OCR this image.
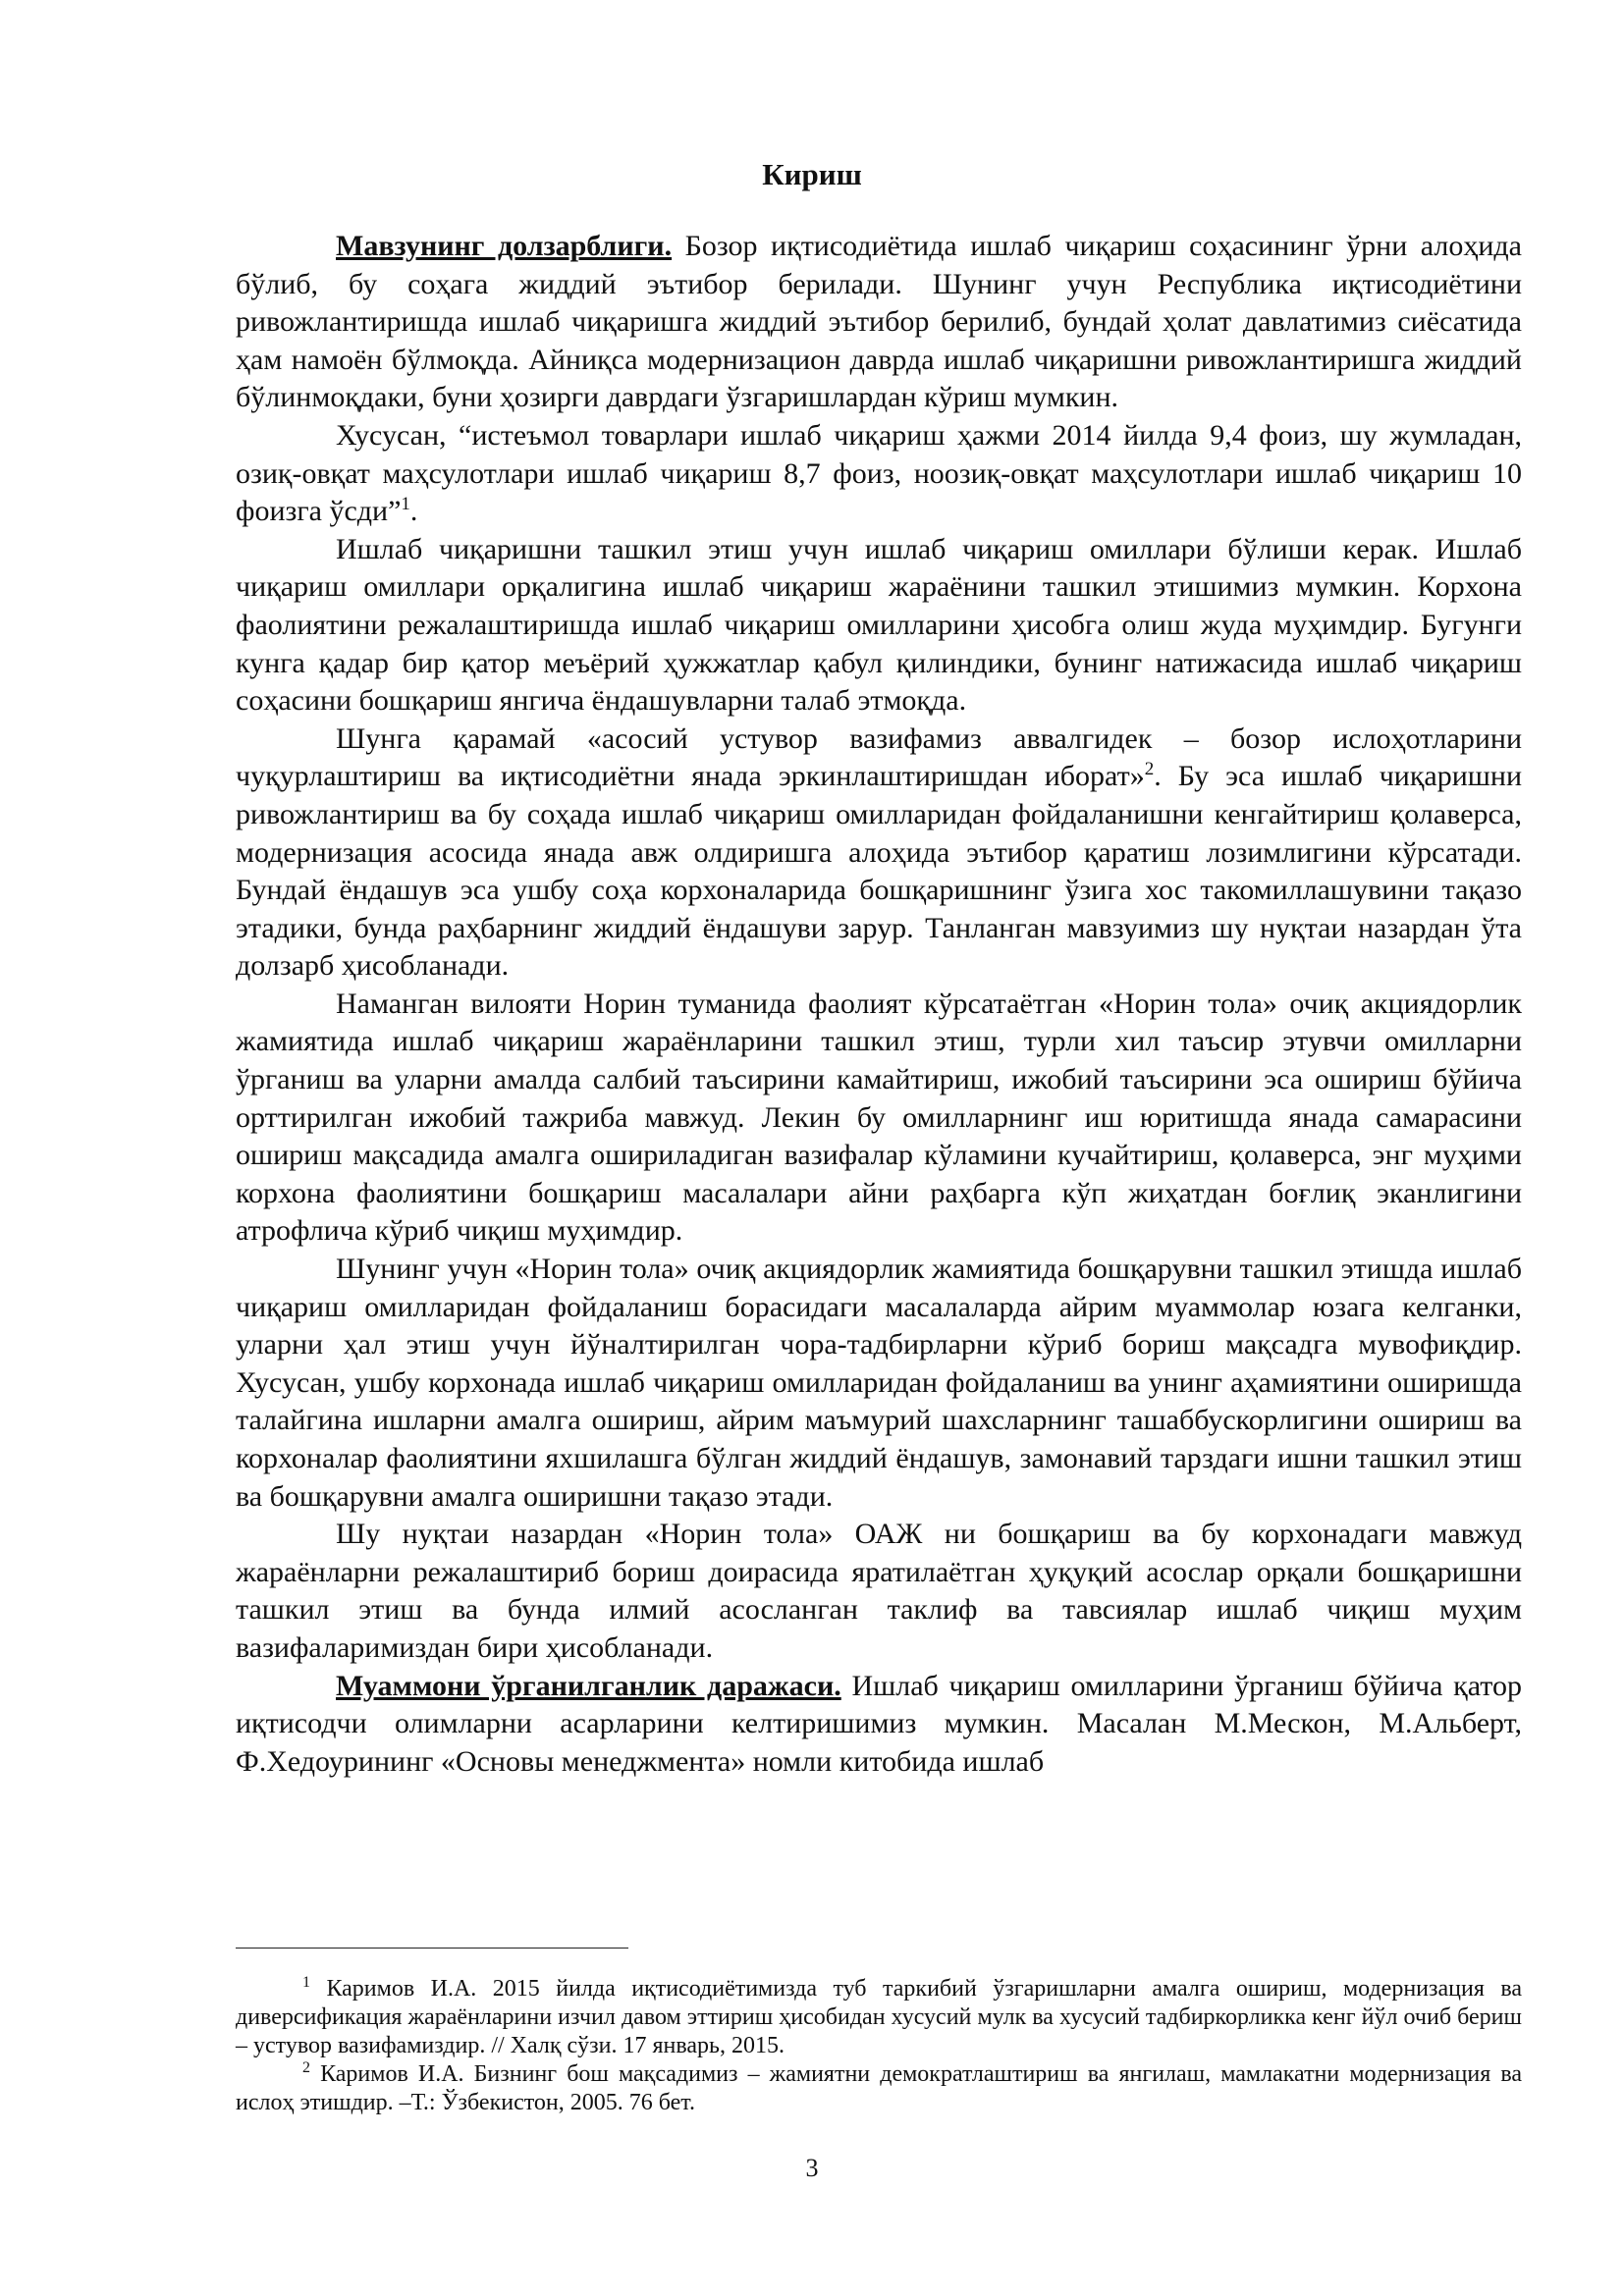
Кириш

Мавзунинг долзарблиги. Бозор иқтисодиётида ишлаб чиқариш соҳасининг ўрни алоҳида бўлиб, бу соҳага жиддий эътибор берилади. Шунинг учун Республика иқтисодиётини ривожлантиришда ишлаб чиқаришга жиддий эътибор берилиб, бундай ҳолат давлатимиз сиёсатида ҳам намоён бўлмоқда. Айниқса модернизацион даврда ишлаб чиқаришни ривожлантиришга жиддий бўлинмоқдаки, буни ҳозирги даврдаги ўзгаришлардан кўриш мумкин.

Хусусан, “истеъмол товарлари ишлаб чиқариш ҳажми 2014 йилда 9,4 фоиз, шу жумладан, озиқ-овқат маҳсулотлари ишлаб чиқариш 8,7 фоиз, ноозиқ-овқат маҳсулотлари ишлаб чиқариш 10 фоизга ўсди”$^1$.

Ишлаб чиқаришни ташкил этиш учун ишлаб чиқариш омиллари бўлиши керак. Ишлаб чиқариш омиллари орқалигина ишлаб чиқариш жараёнини ташкил этишимиз мумкин. Корхона фаолиятини режалаштиришда ишлаб чиқариш омилларини ҳисобга олиш жуда муҳимдир. Бугунги кунга қадар бир қатор меъёрий ҳужжатлар қабул қилиндики, бунинг натижасида ишлаб чиқариш соҳасини бошқариш янгича ёндашувларни талаб этмоқда.

Шунга қарамай «асосий устувор вазифамиз аввалгидек – бозор ислоҳотларини чуқурлаштириш ва иқтисодиётни янада эркинлаштиришдан иборат»$^2$. Бу эса ишлаб чиқаришни ривожлантириш ва бу соҳада ишлаб чиқариш омилларидан фойдаланишни кенгайтириш қолаверса, модернизация асосида янада авж олдиришга алоҳида эътибор қаратиш лозимлигини кўрсатади. Бундай ёндашув эса ушбу соҳа корхоналарида бошқаришнинг ўзига хос такомиллашувини тақазо этадики, бунда раҳбарнинг жиддий ёндашуви зарур. Танланган мавзуимиз шу нуқтаи назардан ўта долзарб ҳисобланади.

Наманган вилояти Норин туманида фаолият кўрсатаётган «Норин тола» очиқ акциядорлик жамиятида ишлаб чиқариш жараёнларини ташкил этиш, турли хил таъсир этувчи омилларни ўрганиш ва уларни амалда салбий таъсирини камайтириш, ижобий таъсирини эса ошириш бўйича орттирилган ижобий тажриба мавжуд. Лекин бу омилларнинг иш юритишда янада самарасини ошириш мақсадида амалга ошириладиган вазифалар кўламини кучайтириш, қолаверса, энг муҳими корхона фаолиятини бошқариш масалалари айни раҳбарга кўп жиҳатдан боғлиқ эканлигини атрофлича кўриб чиқиш муҳимдир.

Шунинг учун «Норин тола» очиқ акциядорлик жамиятида бошқарувни ташкил этишда ишлаб чиқариш омилларидан фойдаланиш борасидаги масалаларда айрим муаммолар юзага келганки, уларни ҳал этиш учун йўналтирилган чора-тадбирларни кўриб бориш мақсадга мувофиқдир. Хусусан, ушбу корхонада ишлаб чиқариш омилларидан фойдаланиш ва унинг аҳамиятини оширишда талайгина ишларни амалга ошириш, айрим маъмурий шахсларнинг ташаббускорлигини ошириш ва корхоналар фаолиятини яхшилашга бўлган жиддий ёндашув, замонавий тарздаги ишни ташкил этиш ва бошқарувни амалга оширишни тақазо этади.

Шу нуқтаи назардан «Норин тола» ОАЖ ни бошқариш ва бу корхонадаги мавжуд жараёнларни режалаштириб бориш доирасида яратилаётган ҳуқуқий асослар орқали бошқаришни ташкил этиш ва бунда илмий асосланган таклиф ва тавсиялар ишлаб чиқиш муҳим вазифаларимиздан бири ҳисобланади.

Муаммони ўрганилганлик даражаси. Ишлаб чиқариш омилларини ўрганиш бўйича қатор иқтисодчи олимларни асарларини келтиришимиз мумкин. Масалан М.Мескон, М.Альберт, Ф.Хедоурининг «Основы менеджмента» номли китобида ишлаб

$^1$ Каримов И.А. 2015 йилда иқтисодиётимизда туб таркибий ўзгаришларни амалга ошириш, модернизация ва диверсификация жараёнларини изчил давом эттириш ҳисобидан хусусий мулк ва хусусий тадбиркорликка кенг йўл очиб бериш – устувор вазифамиздир. // Халқ сўзи. 17 январь, 2015.

$^2$ Каримов И.А. Бизнинг бош мақсадимиз – жамиятни демократлаштириш ва янгилаш, мамлакатни модернизация ва ислоҳ этишдир. –Т.: Ўзбекистон, 2005. 76 бет.

3
